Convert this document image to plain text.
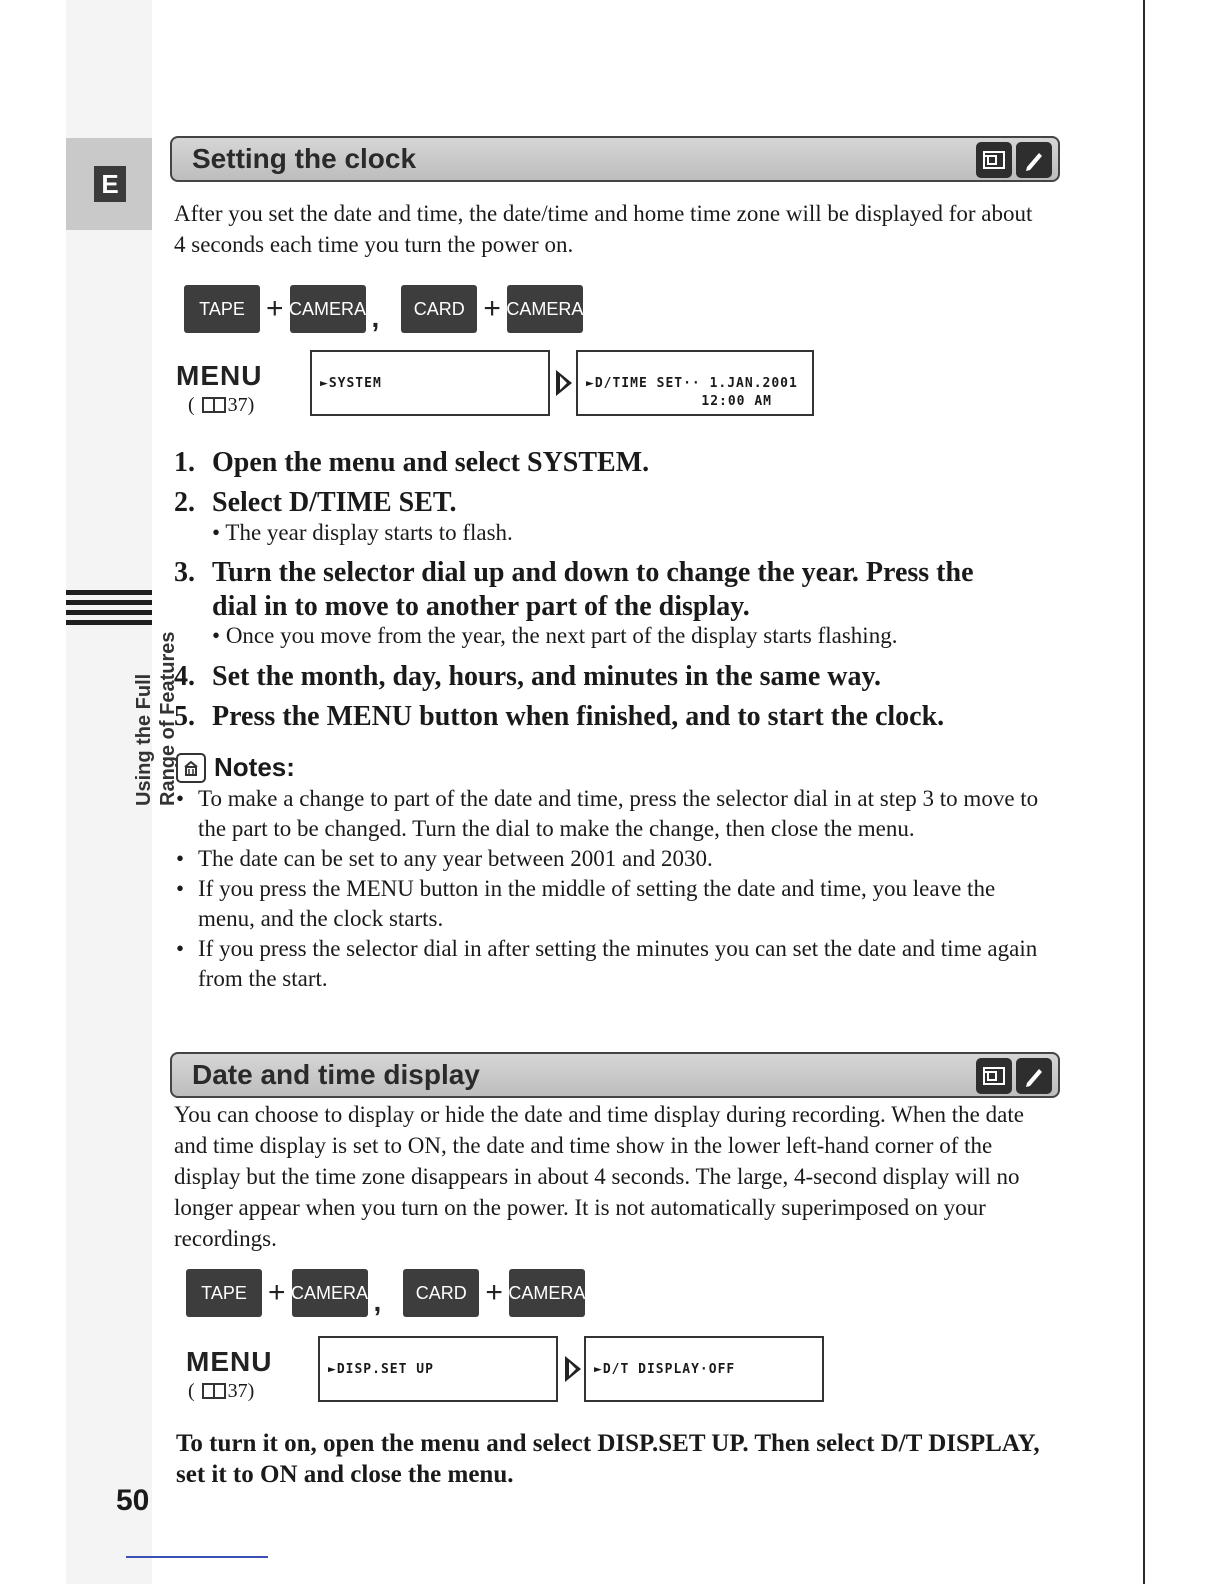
E
Using the Full Range of Features
50
Setting the clock
After you set the date and time, the date/time and home time zone will be displayed for about 4 seconds each time you turn the power on.
TAPE + CAMERA ,	CARD + CAMERA
MENU
( 37)
►SYSTEM	►D/TIME SET·· 1.JAN.2001
12:00 AM
1. Open the menu and select SYSTEM.
2. Select D/TIME SET.
• The year display starts to flash.
3. Turn the selector dial up and down to change the year. Press the
dial in to move to another part of the display.
• Once you move from the year, the next part of the display starts flashing.
4. Set the month, day, hours, and minutes in the same way.
5. Press the MENU button when finished, and to start the clock.
Notes:
• To make a change to part of the date and time, press the selector dial in at step 3 to move to the part to be changed. Turn the dial to make the change, then close the menu.
• The date can be set to any year between 2001 and 2030.
• If you press the MENU button in the middle of setting the date and time, you leave the menu, and the clock starts.
• If you press the selector dial in after setting the minutes you can set the date and time again from the start.
Date and time display
You can choose to display or hide the date and time display during recording. When the date and time display is set to ON, the date and time show in the lower left-hand corner of the display but the time zone disappears in about 4 seconds. The large, 4-second display will no longer appear when you turn on the power. It is not automatically superimposed on your recordings.
TAPE + CAMERA ,	CARD + CAMERA
MENU
( 37)
►DISP.SET UP	►D/T DISPLAY·OFF
To turn it on, open the menu and select DISP.SET UP. Then select D/T DISPLAY, set it to ON and close the menu.
